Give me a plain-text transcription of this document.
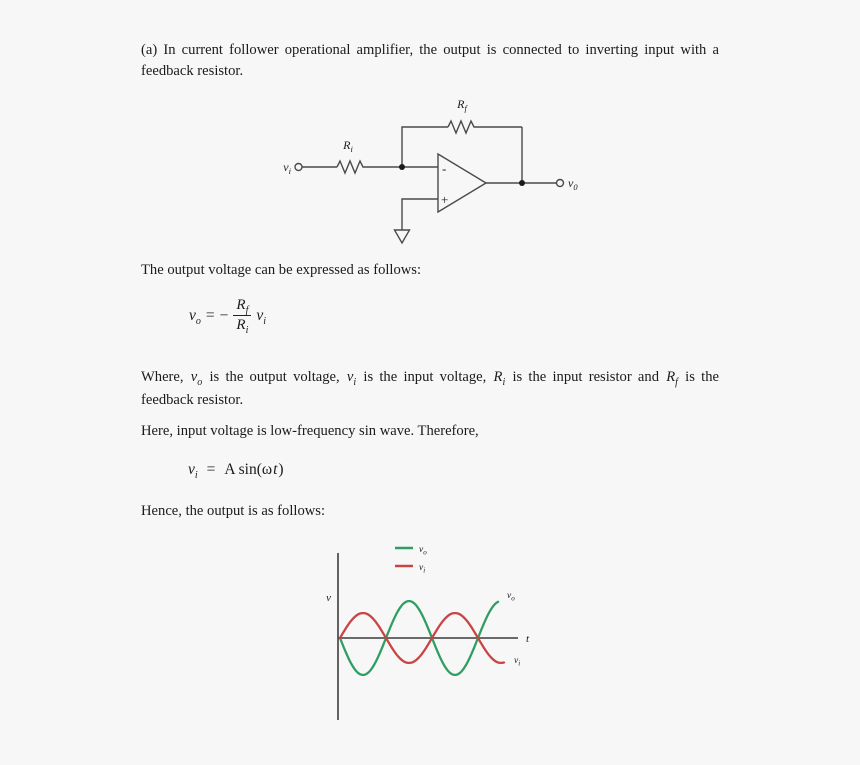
(a) In current follower operational amplifier, the output is connected to inverting input with a feedback resistor.
$v_i$
$R_i$
$R_f$
-
+
$v_0$
The output voltage can be expressed as follows:
$v_o$ = − $\frac{R_f}{R_i} v_i$
Where, $v_o$ is the output voltage, $v_i$ is the input voltage, $R_i$ is the input resistor and $R_f$ is the feedback resistor.
Here, input voltage is low-frequency sin wave. Therefore,
$v_i = A$ sin(ωt)
Hence, the output is as follows:
v
t
$v_o$
$v_i$
$v_o$
$v_i$
